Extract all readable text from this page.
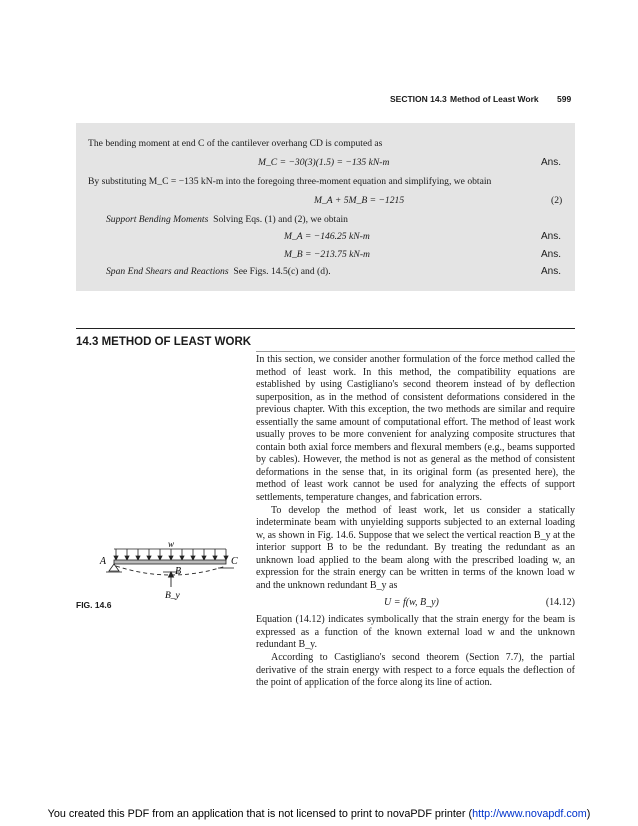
SECTION 14.3 Method of Least Work 599
The bending moment at end C of the cantilever overhang CD is computed as
M_C = −30(3)(1.5) = −135 kN-m	Ans.
By substituting M_C = −135 kN-m into the foregoing three-moment equation and simplifying, we obtain
M_A + 5M_B = −1215	(2)
Support Bending Moments Solving Eqs. (1) and (2), we obtain
M_A = −146.25 kN-m	Ans.
M_B = −213.75 kN-m	Ans.
Span End Shears and Reactions See Figs. 14.5(c) and (d).	Ans.
14.3 METHOD OF LEAST WORK

In this section, we consider another formulation of the force method called the method of least work. In this method, the compatibility equations are established by using Castigliano's second theorem instead of by deflection superposition, as in the method of consistent deformations considered in the previous chapter. With this exception, the two methods are similar and require essentially the same amount of computational effort. The method of least work usually proves to be more convenient for analyzing composite structures that contain both axial force members and flexural members (e.g., beams supported by cables). However, the method is not as general as the method of consistent deformations in the sense that, in its original form (as presented here), the method of least work cannot be used for analyzing the effects of support settlements, temperature changes, and fabrication errors.

To develop the method of least work, let us consider a statically indeterminate beam with unyielding supports subjected to an external loading w, as shown in Fig. 14.6. Suppose that we select the vertical reaction B_y at the interior support B to be the redundant. By treating the redundant as an unknown load applied to the beam along with the prescribed loading w, an expression for the strain energy can be written in terms of the known load w and the unknown redundant B_y as

U = f(w, B_y)	(14.12)

Equation (14.12) indicates symbolically that the strain energy for the beam is expressed as a function of the known external load w and the unknown redundant B_y.

According to Castigliano's second theorem (Section 7.7), the partial derivative of the strain energy with respect to a force equals the deflection of the point of application of the force along its line of action.

w
A
B
C
B_y
FIG. 14.6
You created this PDF from an application that is not licensed to print to novaPDF printer (http://www.novapdf.com)
